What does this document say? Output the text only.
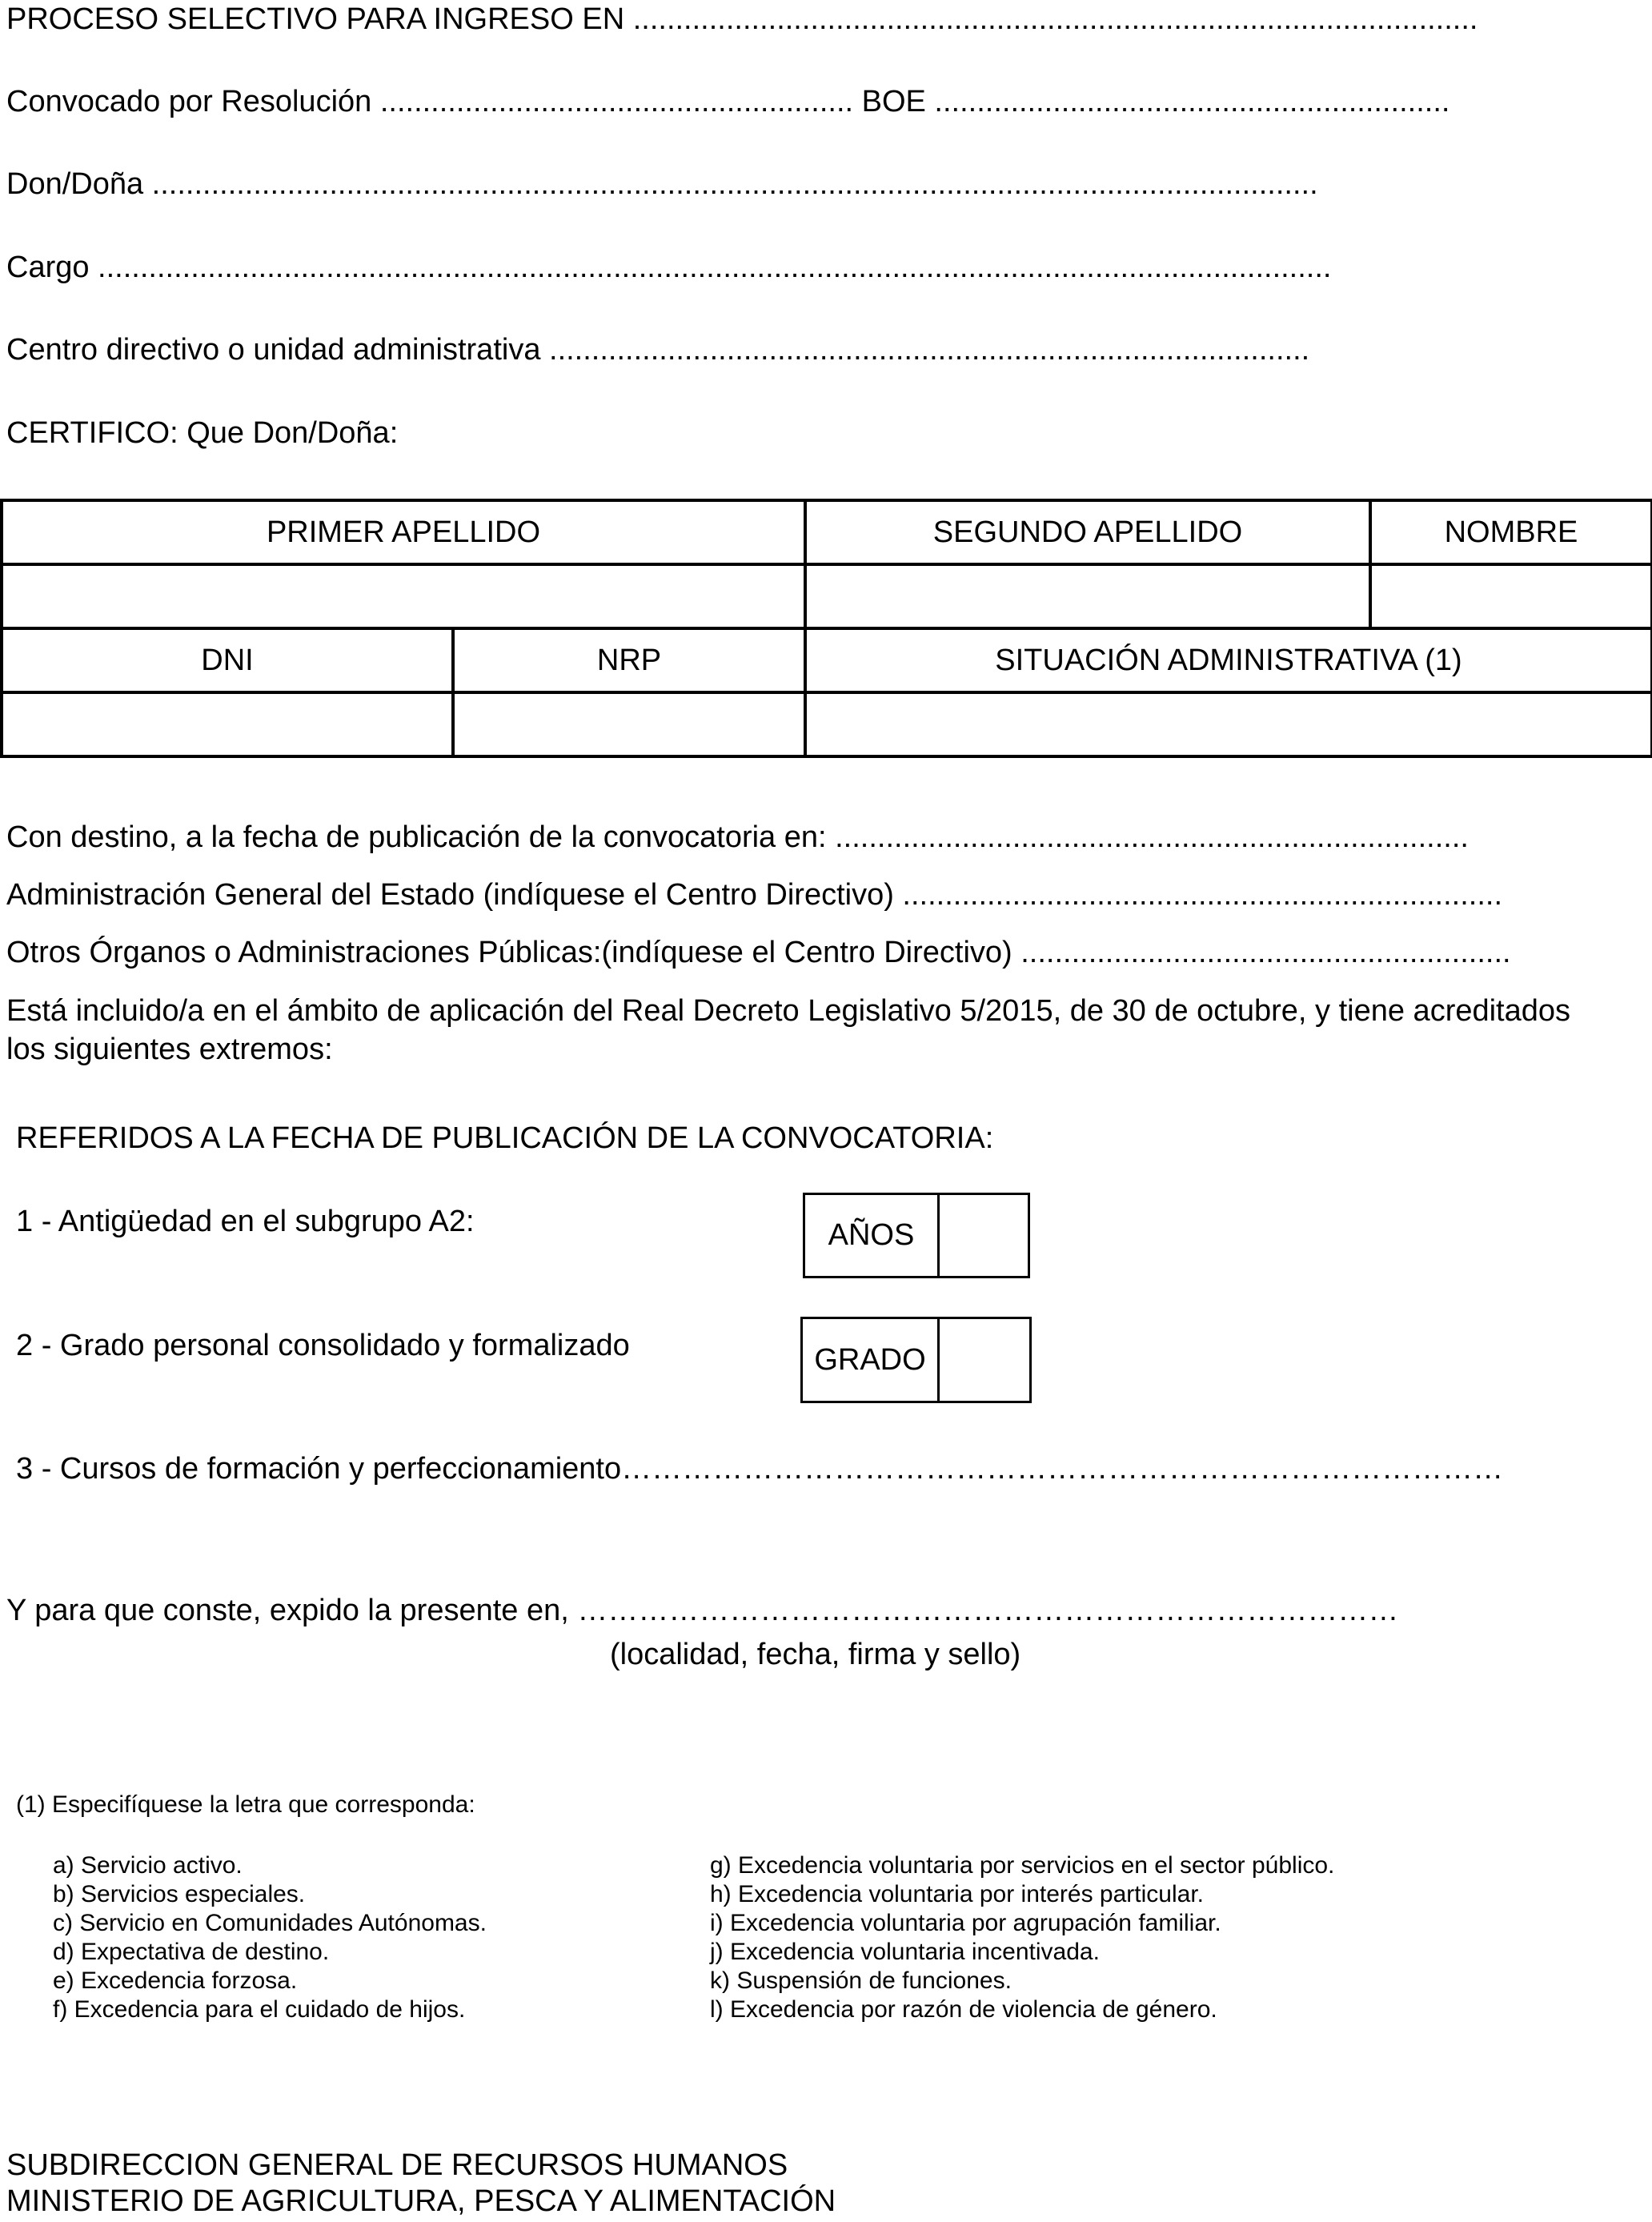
PROCESO SELECTIVO PARA INGRESO EN ....................................................................................................
Convocado por Resolución ........................................................ BOE .............................................................
Don/Doña ..........................................................................................................................................
Cargo ..................................................................................................................................................
Centro directivo o unidad administrativa ..........................................................................................
CERTIFICO: Que Don/Doña:
PRIMER APELLIDO		SEGUNDO APELLIDO	NOMBRE

DNI	NRP	SITUACIÓN ADMINISTRATIVA (1)	

Con destino, a la fecha de publicación de la convocatoria en: ...........................................................................
Administración General del Estado (indíquese el Centro Directivo) .......................................................................
Otros Órganos o Administraciones Públicas:(indíquese el Centro Directivo) ..........................................................
Está incluido/a en el ámbito de aplicación del Real Decreto Legislativo 5/2015, de 30 de octubre, y tiene acreditados
los siguientes extremos:
REFERIDOS A LA FECHA DE PUBLICACIÓN DE LA CONVOCATORIA:
1 - Antigüedad en el subgrupo A2:	AÑOS
2 - Grado personal consolidado y formalizado	GRADO
3 - Cursos de formación y perfeccionamiento……………………………………………………………………………
Y para que conste, expido la presente en, ………………………………………………………………………
(localidad, fecha, firma y sello)
(1) Especifíquese la letra que corresponda:
a) Servicio activo.
b) Servicios especiales.
c) Servicio en Comunidades Autónomas.
d) Expectativa de destino.
e) Excedencia forzosa.
f) Excedencia para el cuidado de hijos.
g) Excedencia voluntaria por servicios en el sector público.
h) Excedencia voluntaria por interés particular.
i) Excedencia voluntaria por agrupación familiar.
j) Excedencia voluntaria incentivada.
k) Suspensión de funciones.
l) Excedencia por razón de violencia de género.
SUBDIRECCION GENERAL DE RECURSOS HUMANOS
MINISTERIO DE AGRICULTURA, PESCA Y ALIMENTACIÓN
